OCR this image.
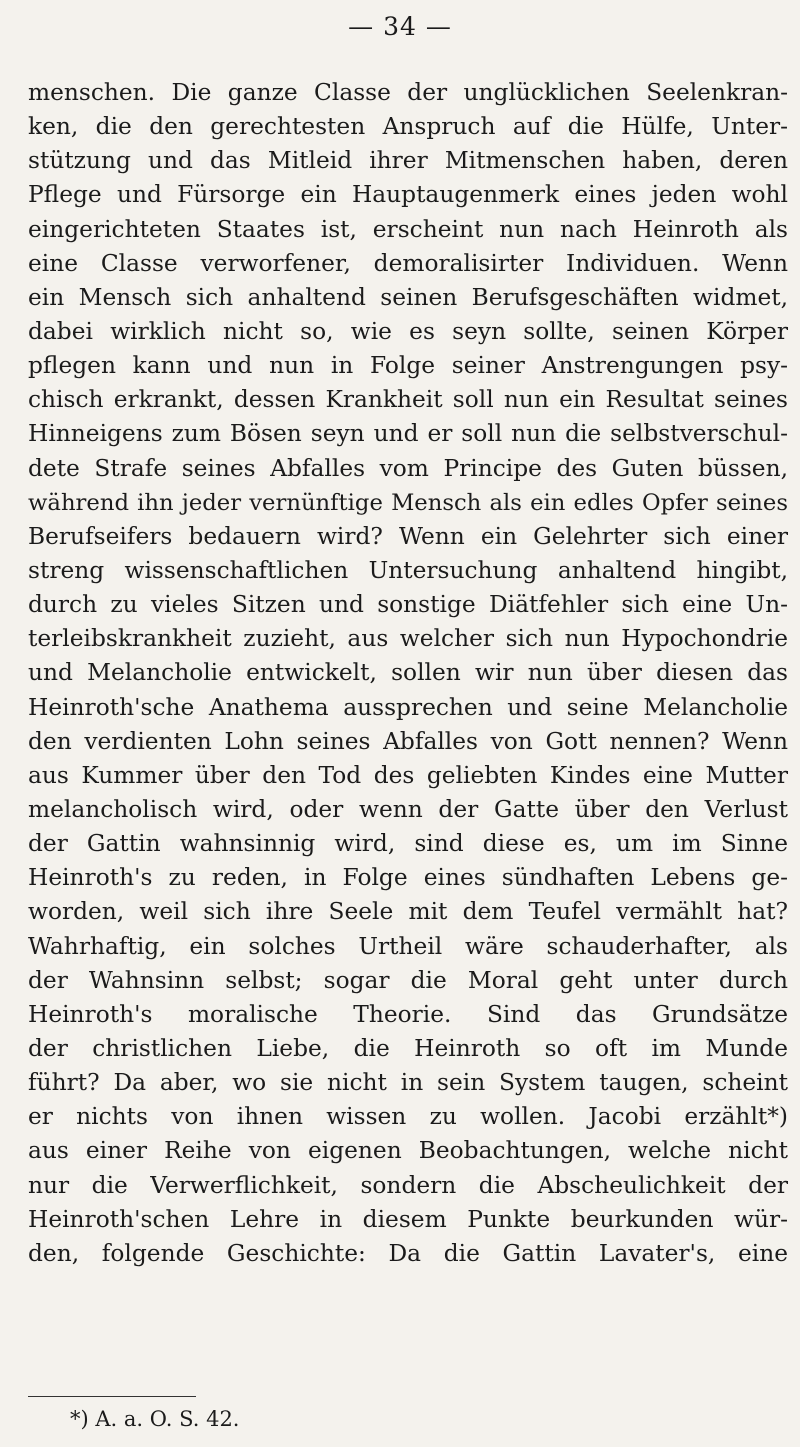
— 34 —
menschen. Die ganze Classe der unglücklichen Seelenkran-
ken, die den gerechtesten Anspruch auf die Hülfe, Unter-
stützung und das Mitleid ihrer Mitmenschen haben, deren
Pflege und Fürsorge ein Hauptaugenmerk eines jeden wohl
eingerichteten Staates ist, erscheint nun nach Heinroth als
eine Classe verworfener, demoralisirter Individuen. Wenn
ein Mensch sich anhaltend seinen Berufsgeschäften widmet,
dabei wirklich nicht so, wie es seyn sollte, seinen Körper
pflegen kann und nun in Folge seiner Anstrengungen psy-
chisch erkrankt, dessen Krankheit soll nun ein Resultat seines
Hinneigens zum Bösen seyn und er soll nun die selbstverschul-
dete Strafe seines Abfalles vom Principe des Guten büssen,
während ihn jeder vernünftige Mensch als ein edles Opfer seines
Berufseifers bedauern wird? Wenn ein Gelehrter sich einer
streng wissenschaftlichen Untersuchung anhaltend hingibt,
durch zu vieles Sitzen und sonstige Diätfehler sich eine Un-
terleibskrankheit zuzieht, aus welcher sich nun Hypochondrie
und Melancholie entwickelt, sollen wir nun über diesen das
Heinroth'sche Anathema aussprechen und seine Melancholie
den verdienten Lohn seines Abfalles von Gott nennen? Wenn
aus Kummer über den Tod des geliebten Kindes eine Mutter
melancholisch wird, oder wenn der Gatte über den Verlust
der Gattin wahnsinnig wird, sind diese es, um im Sinne
Heinroth's zu reden, in Folge eines sündhaften Lebens ge-
worden, weil sich ihre Seele mit dem Teufel vermählt hat?
Wahrhaftig, ein solches Urtheil wäre schauderhafter, als
der Wahnsinn selbst; sogar die Moral geht unter durch
Heinroth's moralische Theorie. Sind das Grundsätze
der christlichen Liebe, die Heinroth so oft im Munde
führt? Da aber, wo sie nicht in sein System taugen, scheint
er nichts von ihnen wissen zu wollen. Jacobi erzählt*)
aus einer Reihe von eigenen Beobachtungen, welche nicht
nur die Verwerflichkeit, sondern die Abscheulichkeit der
Heinroth'schen Lehre in diesem Punkte beurkunden wür-
den, folgende Geschichte: Da die Gattin Lavater's, eine
*) A. a. O. S. 42.
